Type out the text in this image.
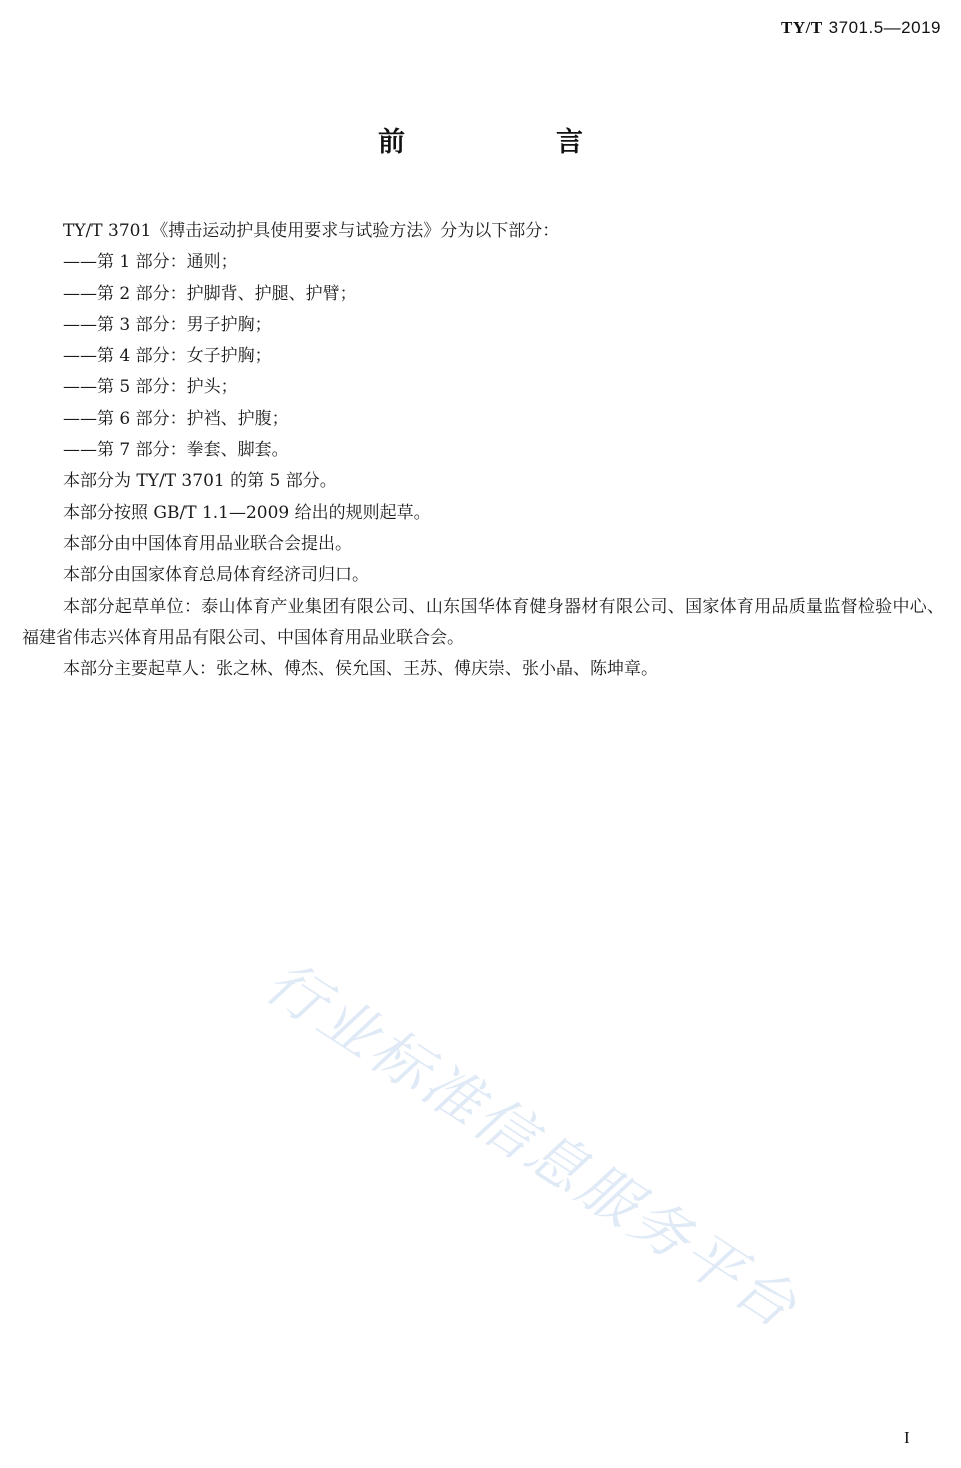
TY/T 3701.5—2019
前　言

TY/T 3701《搏击运动护具使用要求与试验方法》分为以下部分：

——第 1 部分：通则；

——第 2 部分：护脚背、护腿、护臂；

——第 3 部分：男子护胸；

——第 4 部分：女子护胸；

——第 5 部分：护头；

——第 6 部分：护裆、护腹；

——第 7 部分：拳套、脚套。

本部分为 TY/T 3701 的第 5 部分。

本部分按照 GB/T 1.1—2009 给出的规则起草。

本部分由中国体育用品业联合会提出。

本部分由国家体育总局体育经济司归口。

本部分起草单位：泰山体育产业集团有限公司、山东国华体育健身器材有限公司、国家体育用品质量监督检验中心、福建省伟志兴体育用品有限公司、中国体育用品业联合会。

本部分主要起草人：张之林、傅杰、侯允国、王苏、傅庆崇、张小晶、陈坤章。

行业标准信息服务平台
I
